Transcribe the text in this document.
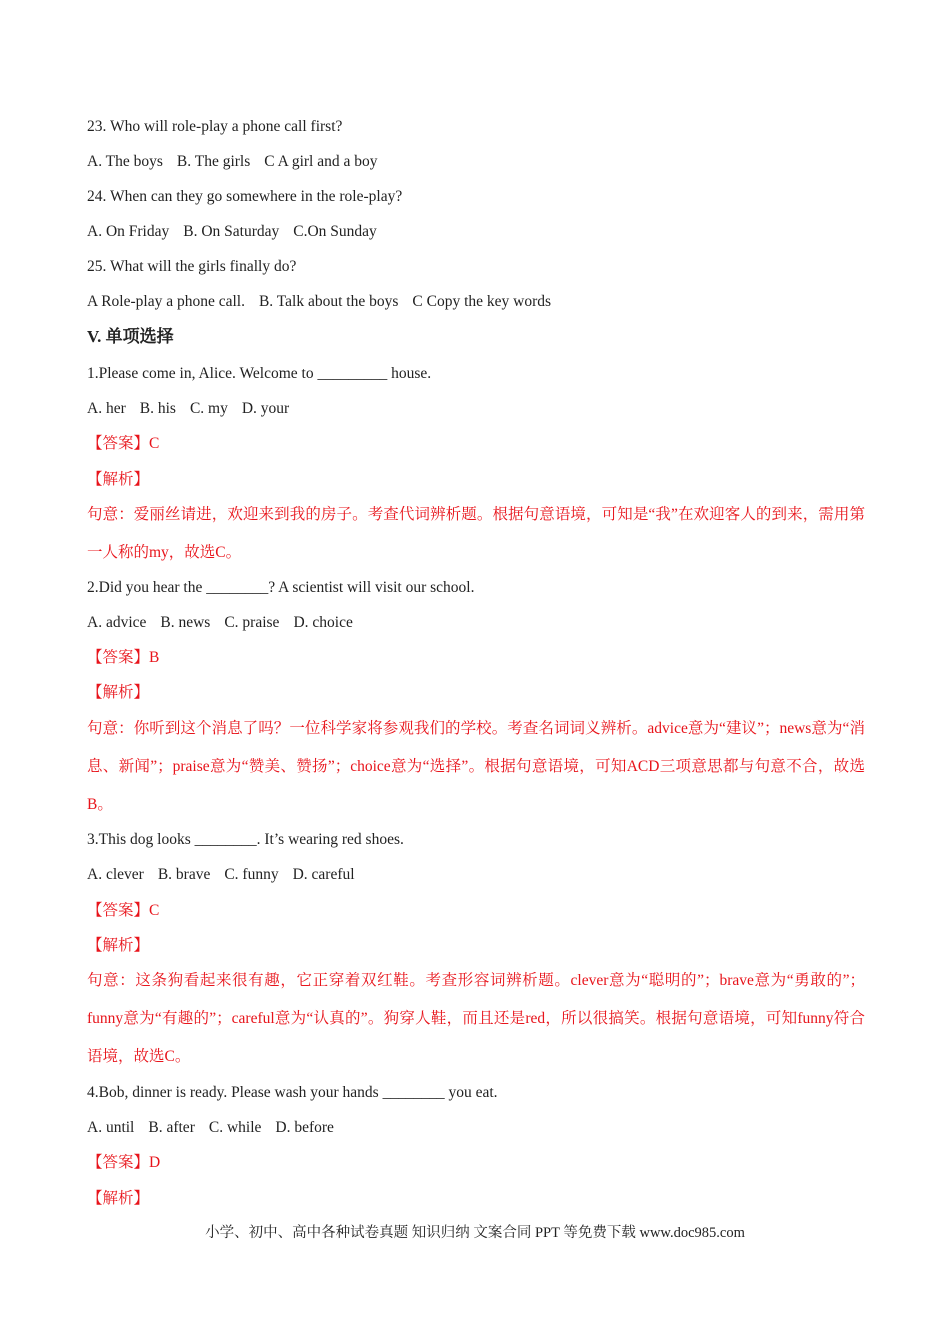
23. Who will role-play a phone call first?
A. The boys B. The girls C A girl and a boy
24. When can they go somewhere in the role-play?
A. On Friday B. On Saturday C.On Sunday
25. What will the girls finally do?
A Role-play a phone call. B. Talk about the boys C Copy the key words
V. 单项选择
1.Please come in, Alice. Welcome to _________ house.
A. her B. his C. my D. your
【答案】C
【解析】
句意：爱丽丝请进，欢迎来到我的房子。考查代词辨析题。根据句意语境，可知是“我”在欢迎客人的到来，需用第一人称的my，故选C。
2.Did you hear the ________? A scientist will visit our school.
A. advice B. news C. praise D. choice
【答案】B
【解析】
句意：你听到这个消息了吗？一位科学家将参观我们的学校。考查名词词义辨析。advice意为“建议”；news意为“消息、新闻”；praise意为“赞美、赞扬”；choice意为“选择”。根据句意语境，可知ACD三项意思都与句意不合，故选B。
3.This dog looks ________. It’s wearing red shoes.
A. clever B. brave C. funny D. careful
【答案】C
【解析】
句意：这条狗看起来很有趣，它正穿着双红鞋。考查形容词辨析题。clever意为“聪明的”；brave意为“勇敢的”；funny意为“有趣的”；careful意为“认真的”。狗穿人鞋，而且还是red，所以很搞笑。根据句意语境，可知funny符合语境，故选C。
4.Bob, dinner is ready. Please wash your hands ________ you eat.
A. until B. after C. while D. before
【答案】D
【解析】
小学、初中、高中各种试卷真题 知识归纳 文案合同 PPT 等免费下载 www.doc985.com
